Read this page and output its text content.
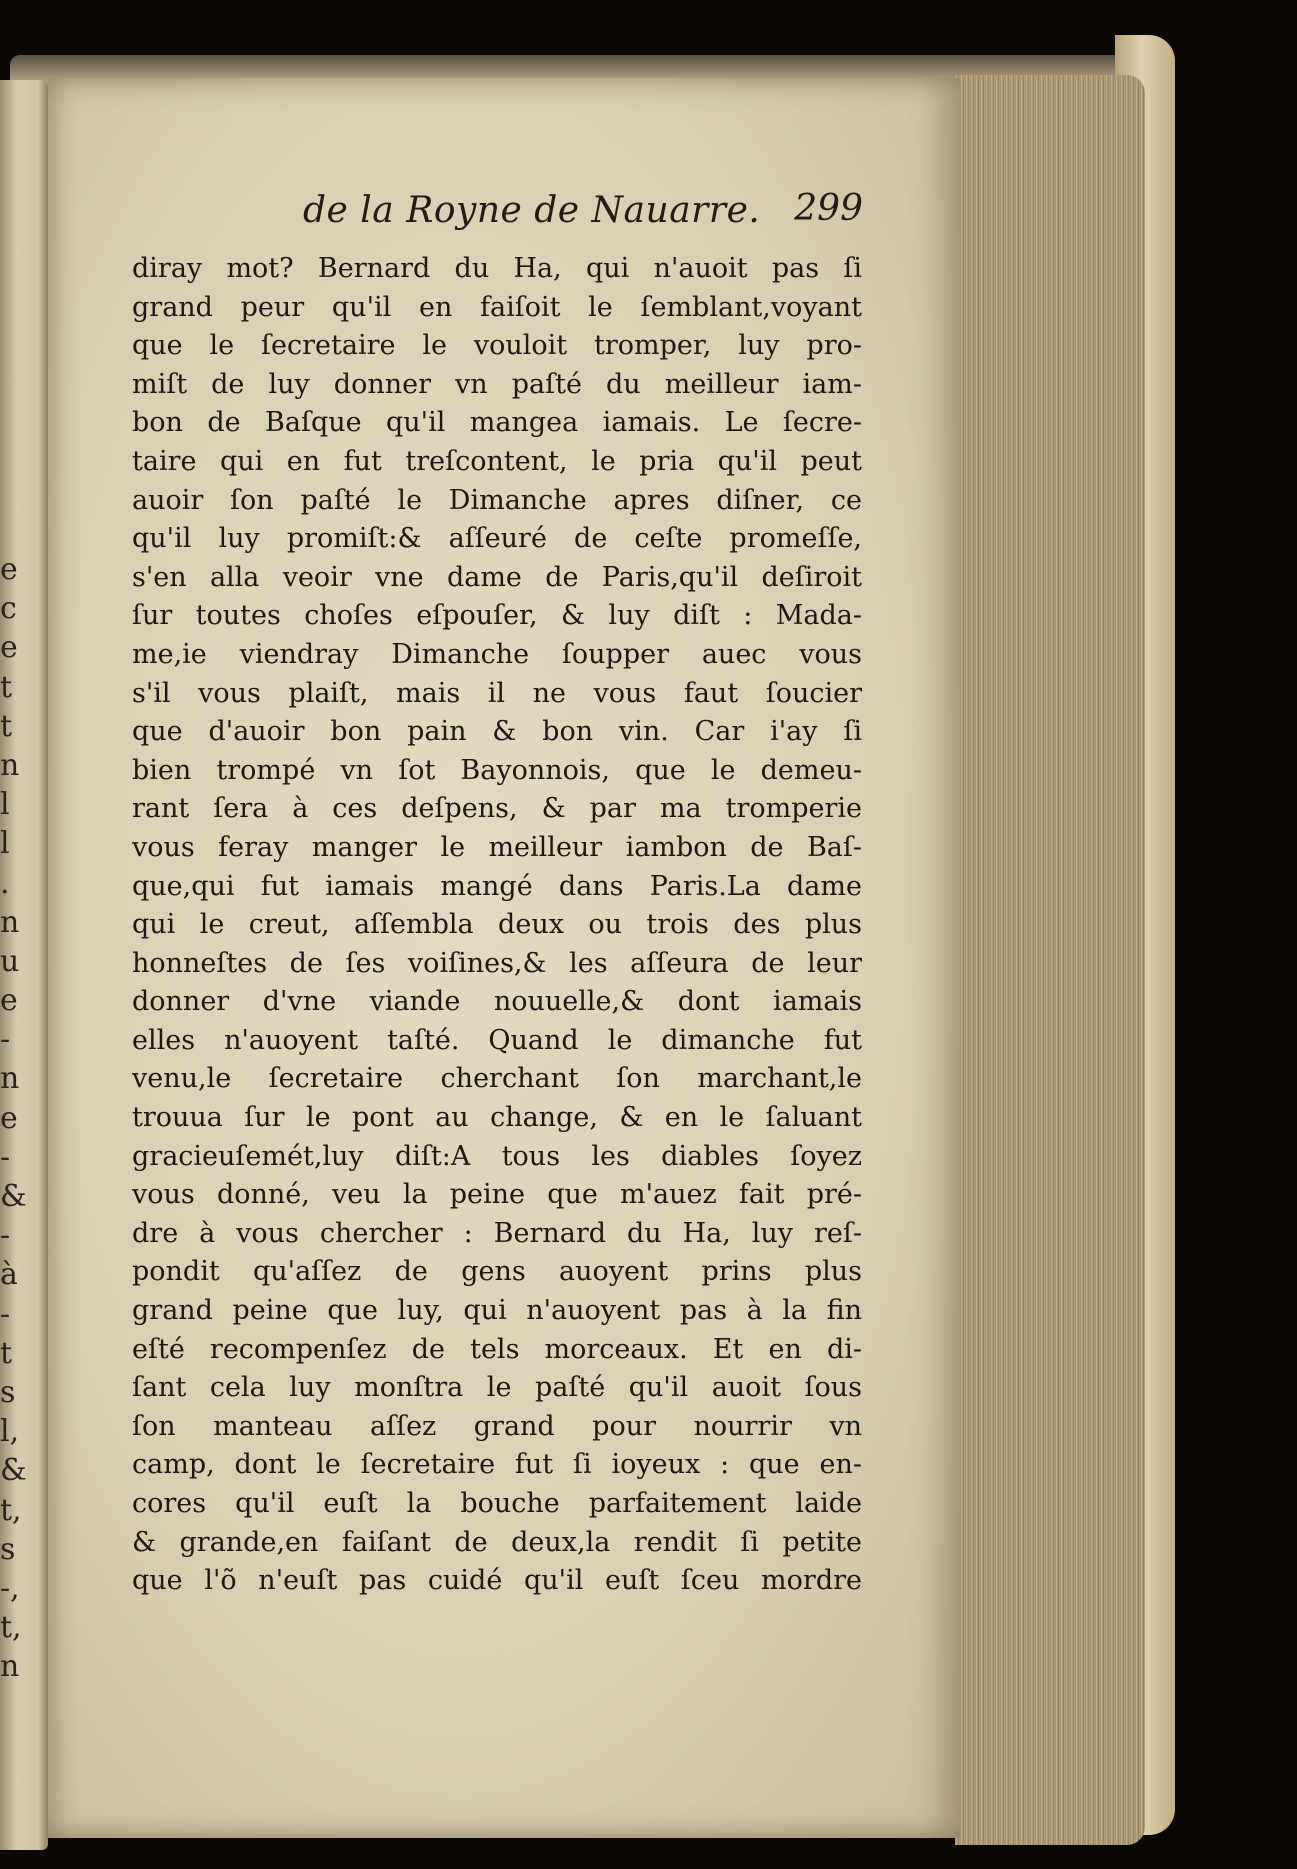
e
c
e
t
t
n
l
l
.
n
u
e
-
n
e
-
&
-
à
-
t
s
l,
&
t,
s
-,
t,
n
de la Royne de Nauarre. 299
diray mot? Bernard du Ha, qui n'auoit pas ſi
grand peur qu'il en faiſoit le ſemblant,voyant
que le ſecretaire le vouloit tromper, luy pro-
miſt de luy donner vn paſté du meilleur iam-
bon de Baſque qu'il mangea iamais. Le ſecre-
taire qui en fut treſcontent, le pria qu'il peut
auoir ſon paſté le Dimanche apres diſner, ce
qu'il luy promiſt:& aſſeuré de ceſte promeſſe,
s'en alla veoir vne dame de Paris,qu'il deſiroit
ſur toutes choſes eſpouſer, & luy diſt : Mada-
me,ie viendray Dimanche ſoupper auec vous
s'il vous plaiſt, mais il ne vous faut ſoucier
que d'auoir bon pain & bon vin. Car i'ay ſi
bien trompé vn ſot Bayonnois, que le demeu-
rant ſera à ces deſpens, & par ma tromperie
vous feray manger le meilleur iambon de Baſ-
que,qui fut iamais mangé dans Paris.La dame
qui le creut, aſſembla deux ou trois des plus
honneſtes de ſes voiſines,& les aſſeura de leur
donner d'vne viande nouuelle,& dont iamais
elles n'auoyent taſté. Quand le dimanche fut
venu,le ſecretaire cherchant ſon marchant,le
trouua ſur le pont au change, & en le ſaluant
gracieuſemét,luy diſt:A tous les diables ſoyez
vous donné, veu la peine que m'auez fait pré-
dre à vous chercher : Bernard du Ha, luy reſ-
pondit qu'aſſez de gens auoyent prins plus
grand peine que luy, qui n'auoyent pas à la fin
eſté recompenſez de tels morceaux. Et en di-
ſant cela luy monſtra le paſté qu'il auoit ſous
ſon manteau aſſez grand pour nourrir vn
camp, dont le ſecretaire fut ſi ioyeux : que en-
cores qu'il euſt la bouche parfaitement laide
& grande,en faiſant de deux,la rendit ſi petite
que l'õ n'euſt pas cuidé qu'il euſt ſceu mordre
